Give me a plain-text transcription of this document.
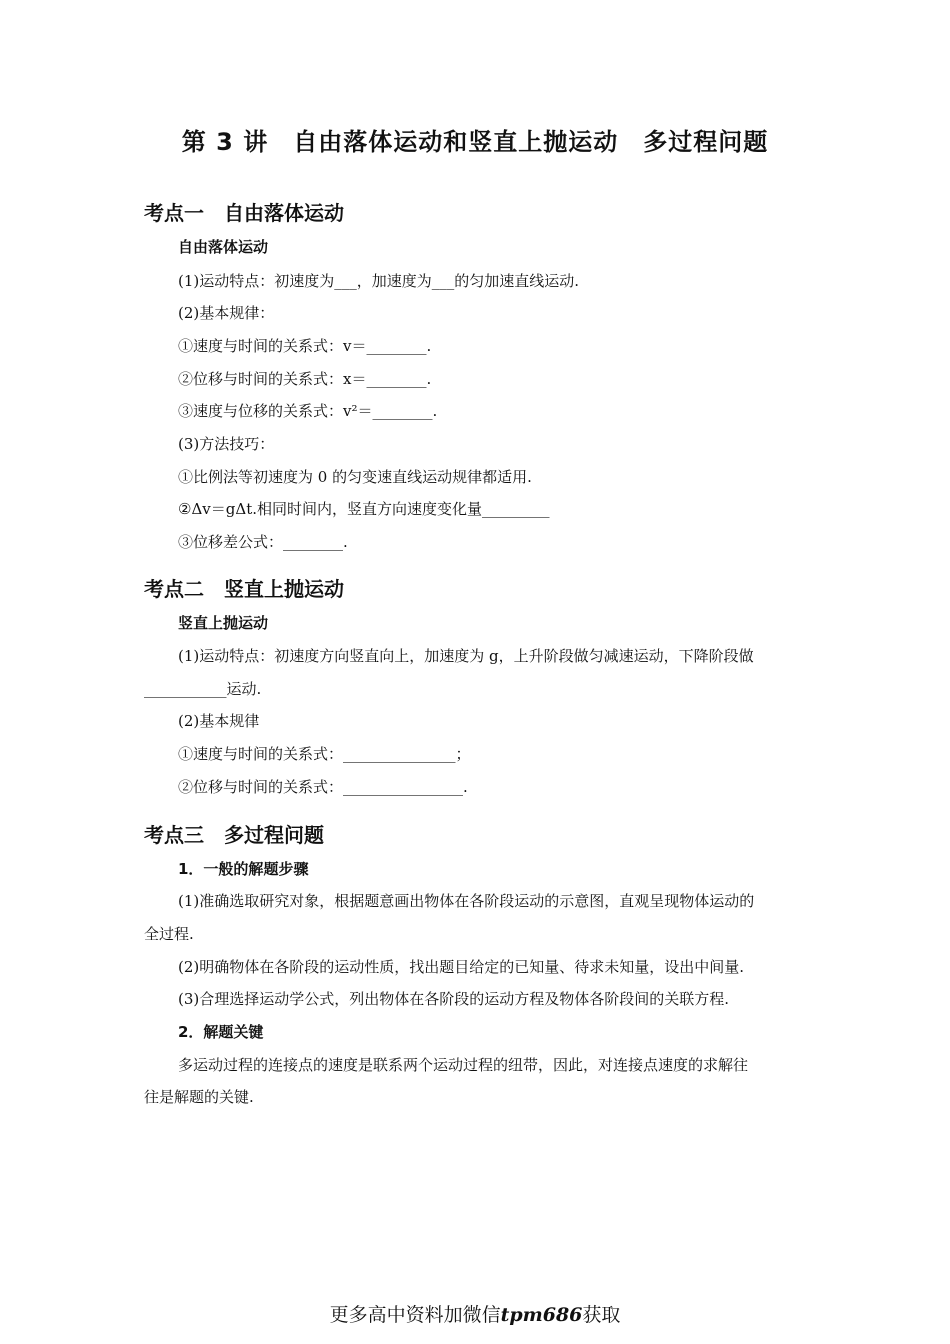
第 3 讲　自由落体运动和竖直上抛运动　多过程问题
考点一　自由落体运动
自由落体运动
(1)运动特点：初速度为___，加速度为___的匀加速直线运动.
(2)基本规律：
①速度与时间的关系式：v＝________.
②位移与时间的关系式：x＝________.
③速度与位移的关系式：v²＝________.
(3)方法技巧：
①比例法等初速度为 0 的匀变速直线运动规律都适用.
②Δv＝gΔt.相同时间内，竖直方向速度变化量_________
③位移差公式：________.
考点二　竖直上抛运动
竖直上抛运动
(1)运动特点：初速度方向竖直向上，加速度为 g，上升阶段做匀减速运动，下降阶段做
___________运动.
(2)基本规律
①速度与时间的关系式：_______________；
②位移与时间的关系式：________________.
考点三　多过程问题
1．一般的解题步骤
(1)准确选取研究对象，根据题意画出物体在各阶段运动的示意图，直观呈现物体运动的
全过程.
(2)明确物体在各阶段的运动性质，找出题目给定的已知量、待求未知量，设出中间量.
(3)合理选择运动学公式，列出物体在各阶段的运动方程及物体各阶段间的关联方程.
2．解题关键
多运动过程的连接点的速度是联系两个运动过程的纽带，因此，对连接点速度的求解往
往是解题的关键.
更多高中资料加微信tpm686获取
